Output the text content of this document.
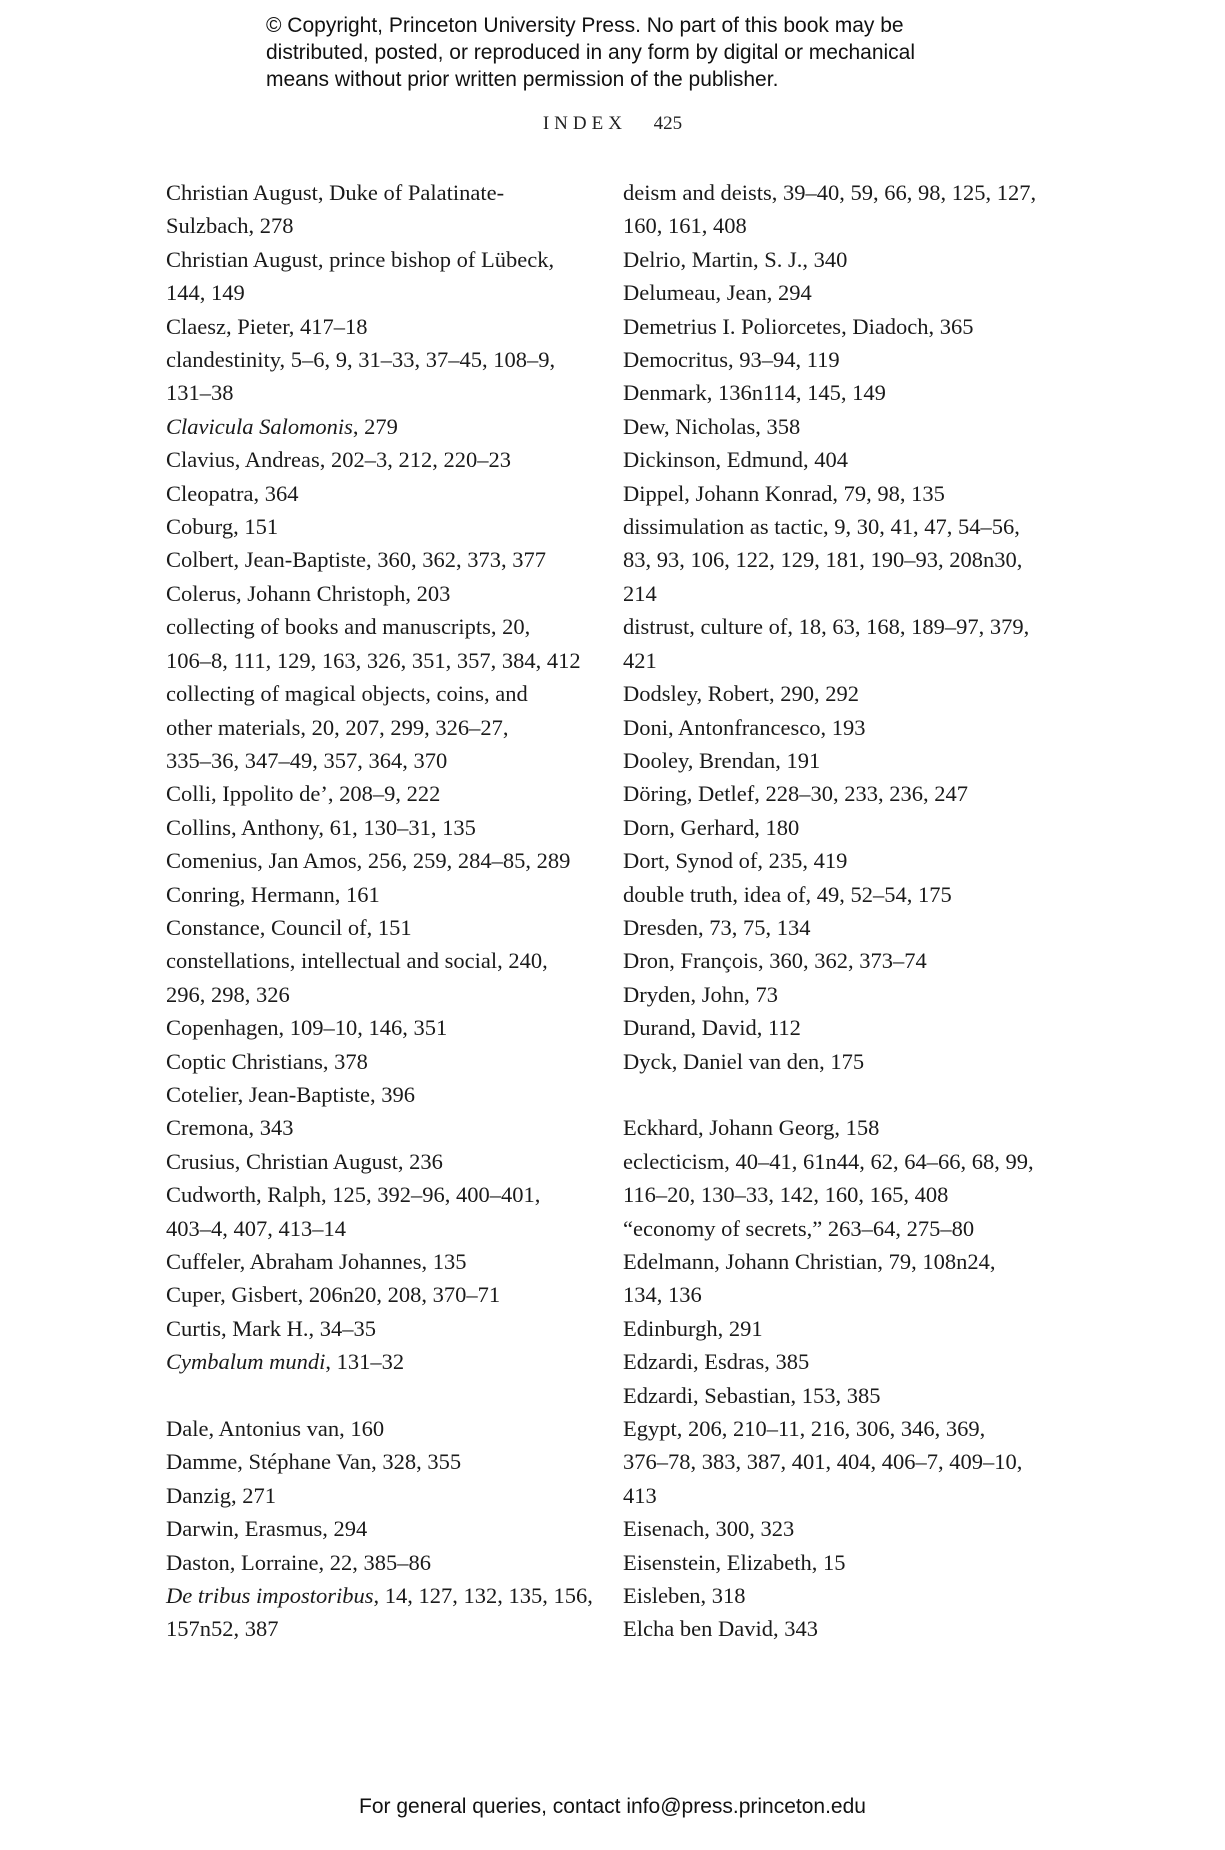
© Copyright, Princeton University Press. No part of this book may be
distributed, posted, or reproduced in any form by digital or mechanical
means without prior written permission of the publisher.
INDEX 425
Christian August, Duke of Palatinate-
Sulzbach, 278
Christian August, prince bishop of Lübeck,
144, 149
Claesz, Pieter, 417–18
clandestinity, 5–6, 9, 31–33, 37–45, 108–9,
131–38
Clavicula Salomonis, 279
Clavius, Andreas, 202–3, 212, 220–23
Cleopatra, 364
Coburg, 151
Colbert, Jean-Baptiste, 360, 362, 373, 377
Colerus, Johann Christoph, 203
collecting of books and manuscripts, 20,
106–8, 111, 129, 163, 326, 351, 357, 384, 412
collecting of magical objects, coins, and
other materials, 20, 207, 299, 326–27,
335–36, 347–49, 357, 364, 370
Colli, Ippolito de’, 208–9, 222
Collins, Anthony, 61, 130–31, 135
Comenius, Jan Amos, 256, 259, 284–85, 289
Conring, Hermann, 161
Constance, Council of, 151
constellations, intellectual and social, 240,
296, 298, 326
Copenhagen, 109–10, 146, 351
Coptic Christians, 378
Cotelier, Jean-Baptiste, 396
Cremona, 343
Crusius, Christian August, 236
Cudworth, Ralph, 125, 392–96, 400–401,
403–4, 407, 413–14
Cuffeler, Abraham Johannes, 135
Cuper, Gisbert, 206n20, 208, 370–71
Curtis, Mark H., 34–35
Cymbalum mundi, 131–32
Dale, Antonius van, 160
Damme, Stéphane Van, 328, 355
Danzig, 271
Darwin, Erasmus, 294
Daston, Lorraine, 22, 385–86
De tribus impostoribus, 14, 127, 132, 135, 156,
157n52, 387
deism and deists, 39–40, 59, 66, 98, 125, 127,
160, 161, 408
Delrio, Martin, S. J., 340
Delumeau, Jean, 294
Demetrius I. Poliorcetes, Diadoch, 365
Democritus, 93–94, 119
Denmark, 136n114, 145, 149
Dew, Nicholas, 358
Dickinson, Edmund, 404
Dippel, Johann Konrad, 79, 98, 135
dissimulation as tactic, 9, 30, 41, 47, 54–56,
83, 93, 106, 122, 129, 181, 190–93, 208n30,
214
distrust, culture of, 18, 63, 168, 189–97, 379,
421
Dodsley, Robert, 290, 292
Doni, Antonfrancesco, 193
Dooley, Brendan, 191
Döring, Detlef, 228–30, 233, 236, 247
Dorn, Gerhard, 180
Dort, Synod of, 235, 419
double truth, idea of, 49, 52–54, 175
Dresden, 73, 75, 134
Dron, François, 360, 362, 373–74
Dryden, John, 73
Durand, David, 112
Dyck, Daniel van den, 175
Eckhard, Johann Georg, 158
eclecticism, 40–41, 61n44, 62, 64–66, 68, 99,
116–20, 130–33, 142, 160, 165, 408
“economy of secrets,” 263–64, 275–80
Edelmann, Johann Christian, 79, 108n24,
134, 136
Edinburgh, 291
Edzardi, Esdras, 385
Edzardi, Sebastian, 153, 385
Egypt, 206, 210–11, 216, 306, 346, 369,
376–78, 383, 387, 401, 404, 406–7, 409–10,
413
Eisenach, 300, 323
Eisenstein, Elizabeth, 15
Eisleben, 318
Elcha ben David, 343
For general queries, contact info@press.princeton.edu
